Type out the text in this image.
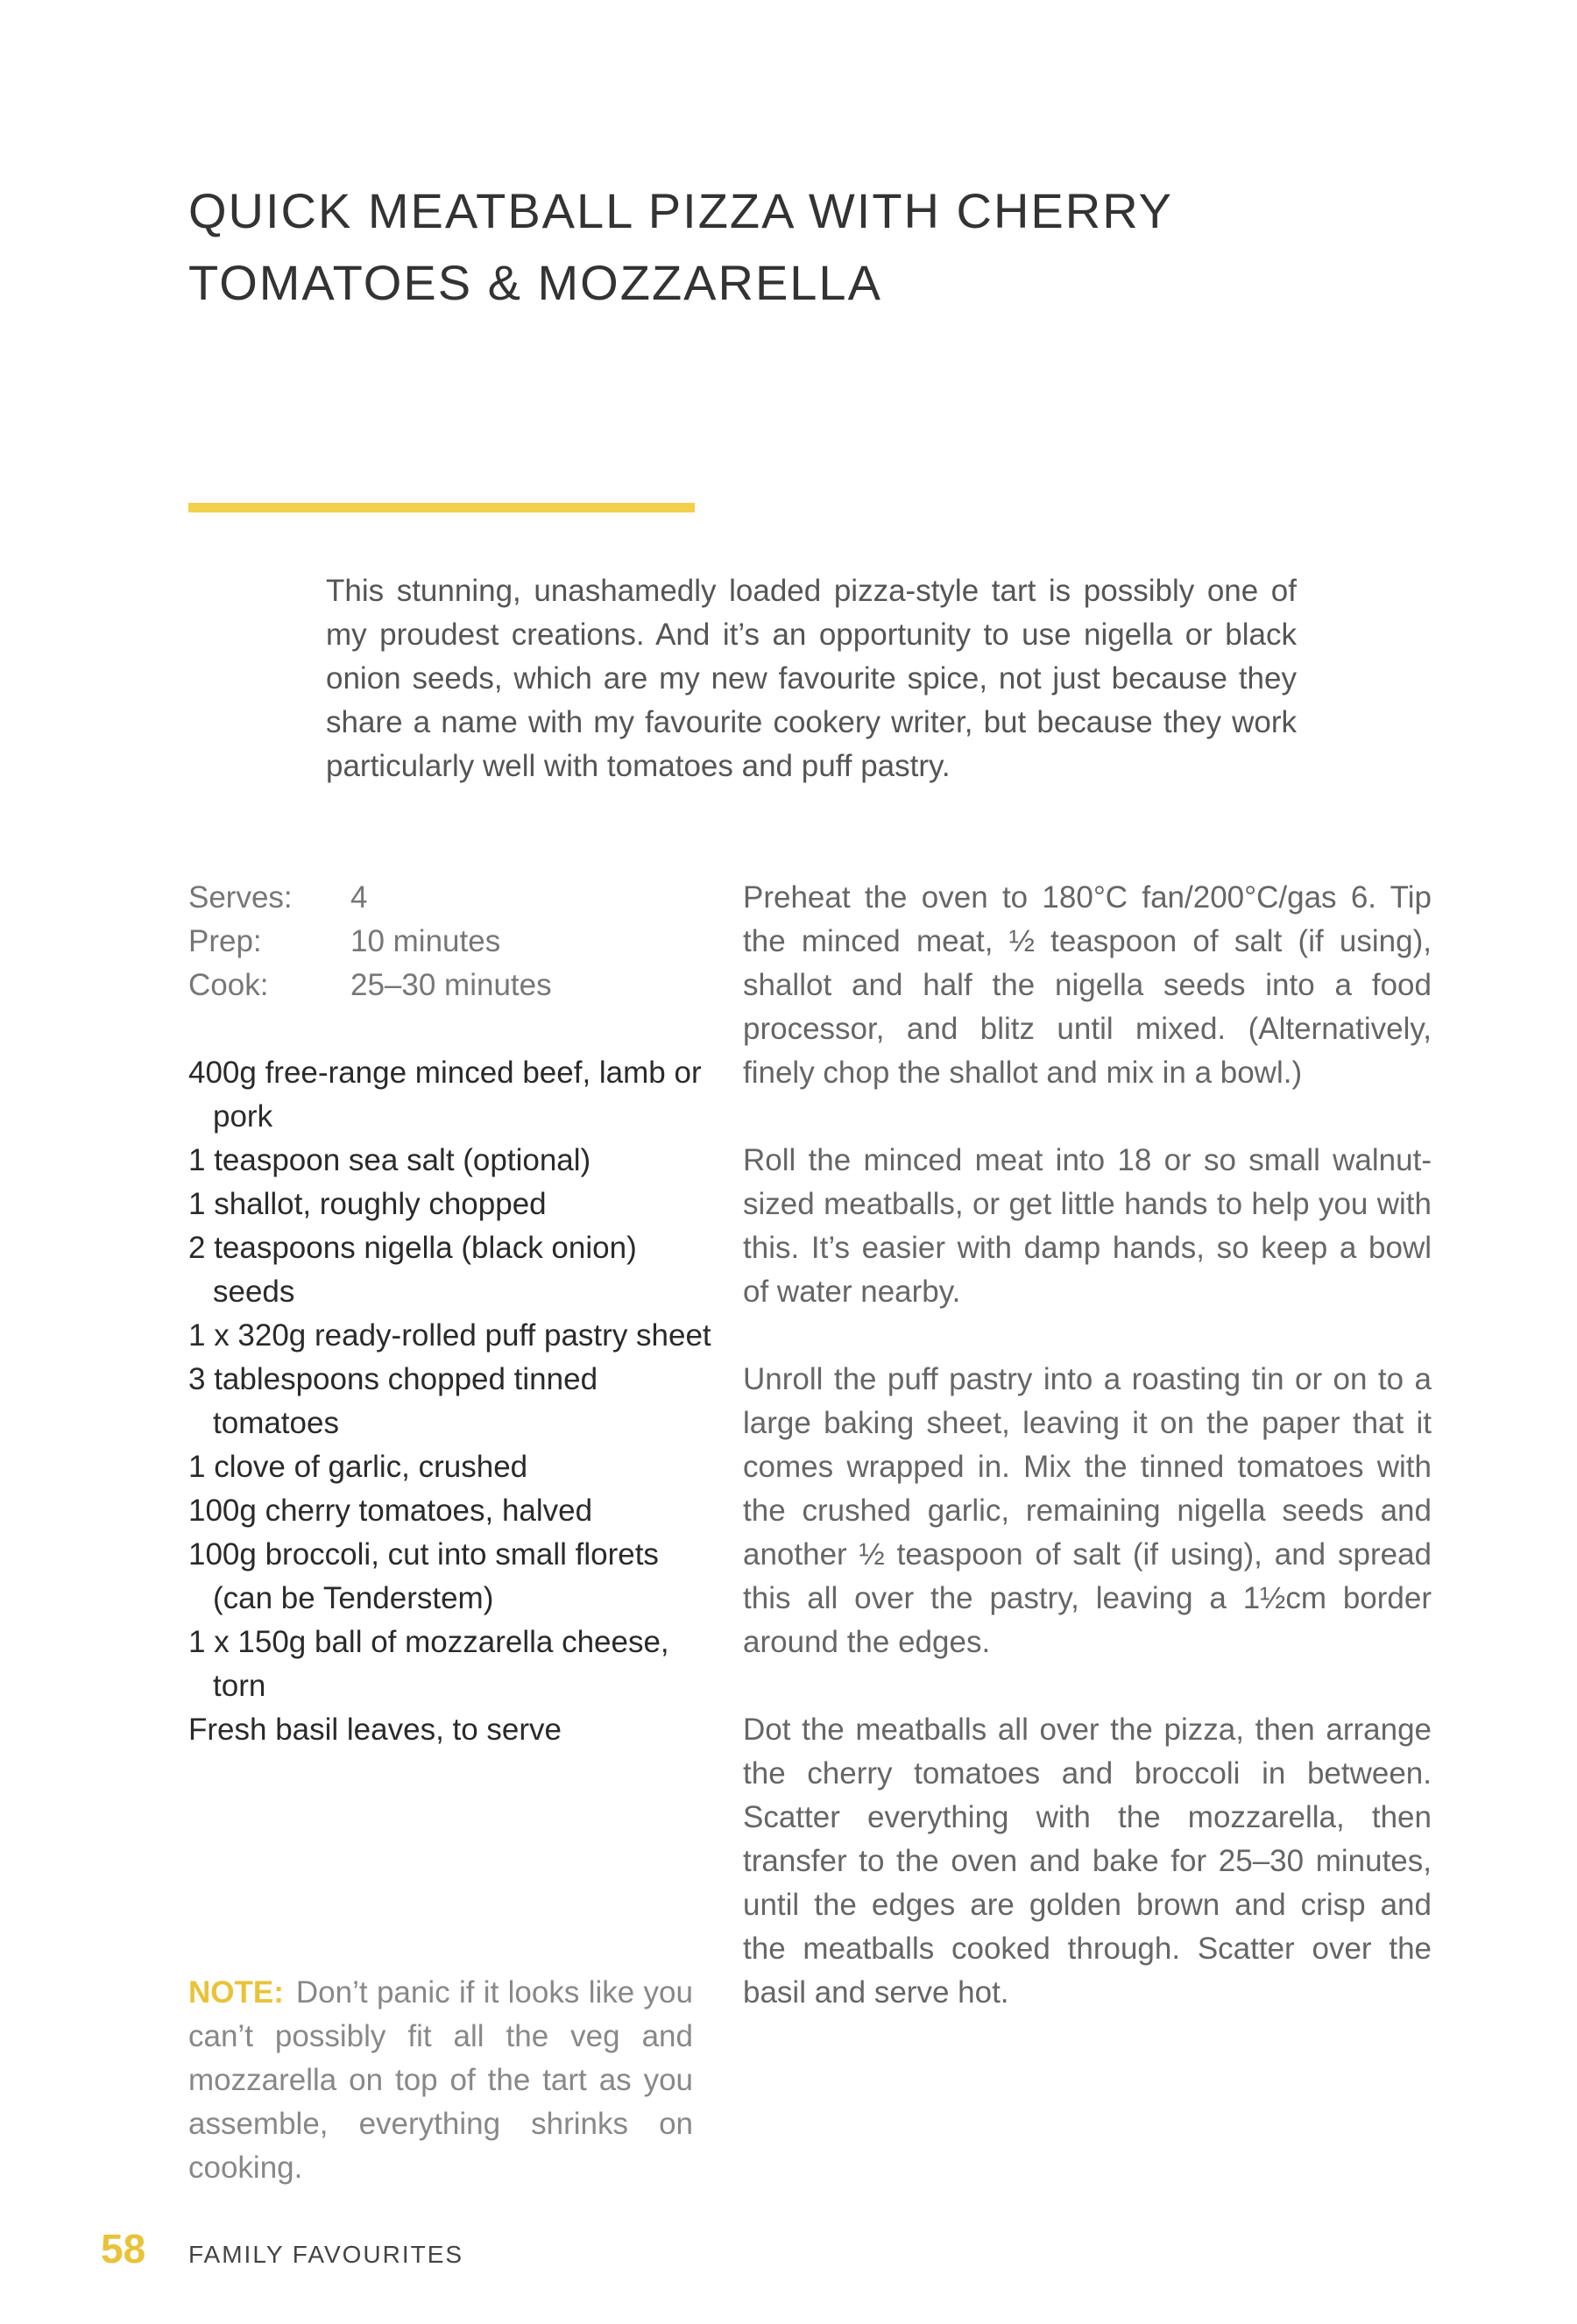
QUICK MEATBALL PIZZA WITH CHERRY
TOMATOES & MOZZARELLA

This stunning, unashamedly loaded pizza-style tart is possibly one of my proudest creations. And it’s an opportunity to use nigella or black onion seeds, which are my new favourite spice, not just because they share a name with my favourite cookery writer, but because they work particularly well with tomatoes and puff pastry.

Serves:	4
Prep:	10 minutes
Cook:	25–30 minutes
400g free-range minced beef, lamb or pork
1 teaspoon sea salt (optional)
1 shallot, roughly chopped
2 teaspoons nigella (black onion) seeds
1 x 320g ready-rolled puff pastry sheet
3 tablespoons chopped tinned tomatoes
1 clove of garlic, crushed
100g cherry tomatoes, halved
100g broccoli, cut into small florets (can be Tenderstem)
1 x 150g ball of mozzarella cheese, torn
Fresh basil leaves, to serve

NOTE: Don’t panic if it looks like you can’t possibly fit all the veg and mozzarella on top of the tart as you assemble, everything shrinks on cooking.

Preheat the oven to 180°C fan/200°C/gas 6. Tip the minced meat, ½ teaspoon of salt (if using), shallot and half the nigella seeds into a food processor, and blitz until mixed. (Alternatively, finely chop the shallot and mix in a bowl.)

Roll the minced meat into 18 or so small walnut-sized meatballs, or get little hands to help you with this. It’s easier with damp hands, so keep a bowl of water nearby.

Unroll the puff pastry into a roasting tin or on to a large baking sheet, leaving it on the paper that it comes wrapped in. Mix the tinned tomatoes with the crushed garlic, remaining nigella seeds and another ½ teaspoon of salt (if using), and spread this all over the pastry, leaving a 1½cm border around the edges.

Dot the meatballs all over the pizza, then arrange the cherry tomatoes and broccoli in between. Scatter everything with the mozzarella, then transfer to the oven and bake for 25–30 minutes, until the edges are golden brown and crisp and the meatballs cooked through. Scatter over the basil and serve hot.

58	FAMILY FAVOURITES
